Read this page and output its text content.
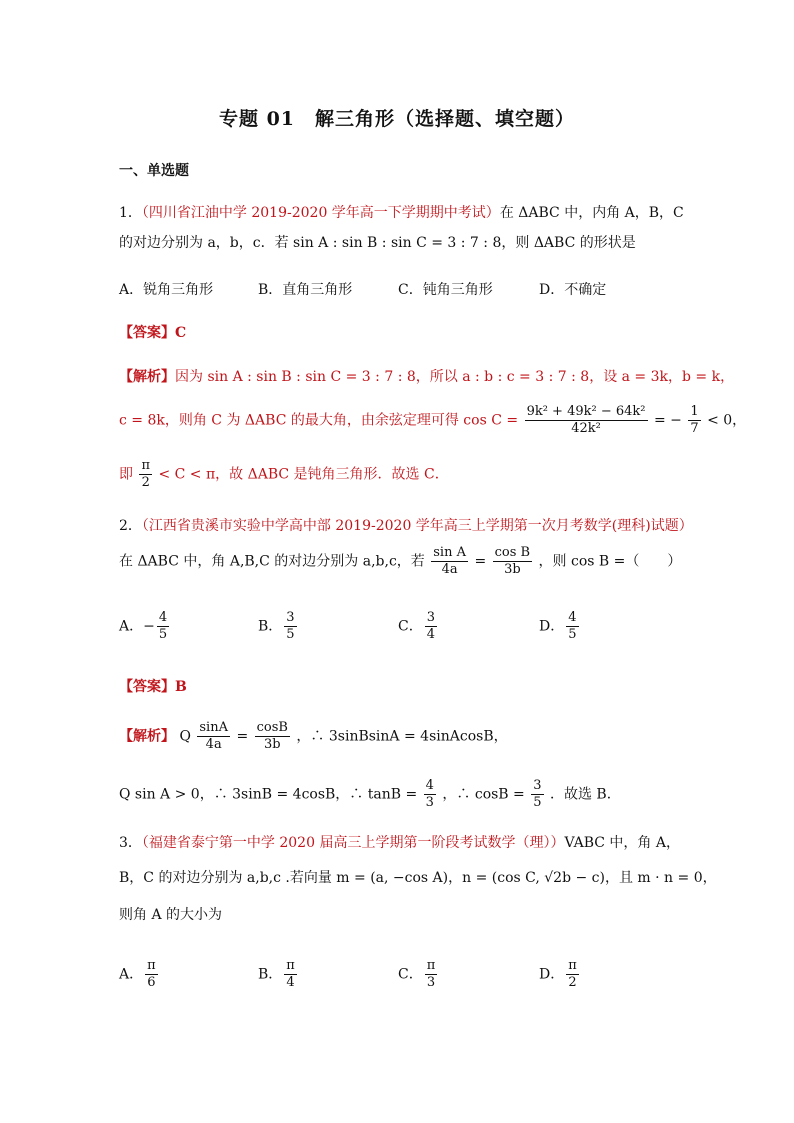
专题 01　解三角形（选择题、填空题）
一、单选题
1．（四川省江油中学 2019-2020 学年高一下学期期中考试）在 ΔABC 中，内角 A，B，C
的对边分别为 a，b，c．若 sin A : sin B : sin C = 3 : 7 : 8，则 ΔABC 的形状是
A．锐角三角形	B．直角三角形	C．钝角三角形	D．不确定
【答案】C
【解析】因为 sin A : sin B : sin C = 3 : 7 : 8，所以 a : b : c = 3 : 7 : 8，设 a = 3k，b = k，
c = 8k，则角 C 为 ΔABC 的最大角，由余弦定理可得 $\cos C = \frac{\text{9k² + 49k² − 64k²}}{\text{42k²}}$ = − $\frac{1}{7} < 0$，
即 $\frac{\pi}{2} < C < \pi$，故 ΔABC 是钝角三角形．故选 C．
2．（江西省贵溪市实验中学高中部 2019-2020 学年高三上学期第一次月考数学(理科)试题）
在 ΔABC 中，角 A,B,C 的对边分别为 a,b,c，若 $\frac{\text{sin A}}{4a} = \frac{\text{cos B}}{3b}$ ，则 cos B =（　　）
A．− $\frac{4}{5}$	B． $\frac{3}{5}$	C． $\frac{3}{4}$	D． $\frac{4}{5}$
【答案】B
【解析】 Q $\frac{\sin A}{4a} = \frac{\cos B}{3b}$ ，∴ 3sinBsinA = 4sinAcosB，
Q sin A > 0，∴ 3sinB = 4cosB，∴ $\tan B = \frac{4}{3}$ ，∴ $\cos B = \frac{3}{5}$ ．故选 B．
3．（福建省泰宁第一中学 2020 届高三上学期第一阶段考试数学（理））VABC 中，角 A，
B，C 的对边分别为 a,b,c .若向量 m = (a, −cos A)，n = (cos C, √2b − c)，且 m · n = 0，
则角 A 的大小为
A． $\frac{\pi}{6}$	B． $\frac{\pi}{4}$	C． $\frac{\pi}{3}$	D． $\frac{\pi}{2}$
